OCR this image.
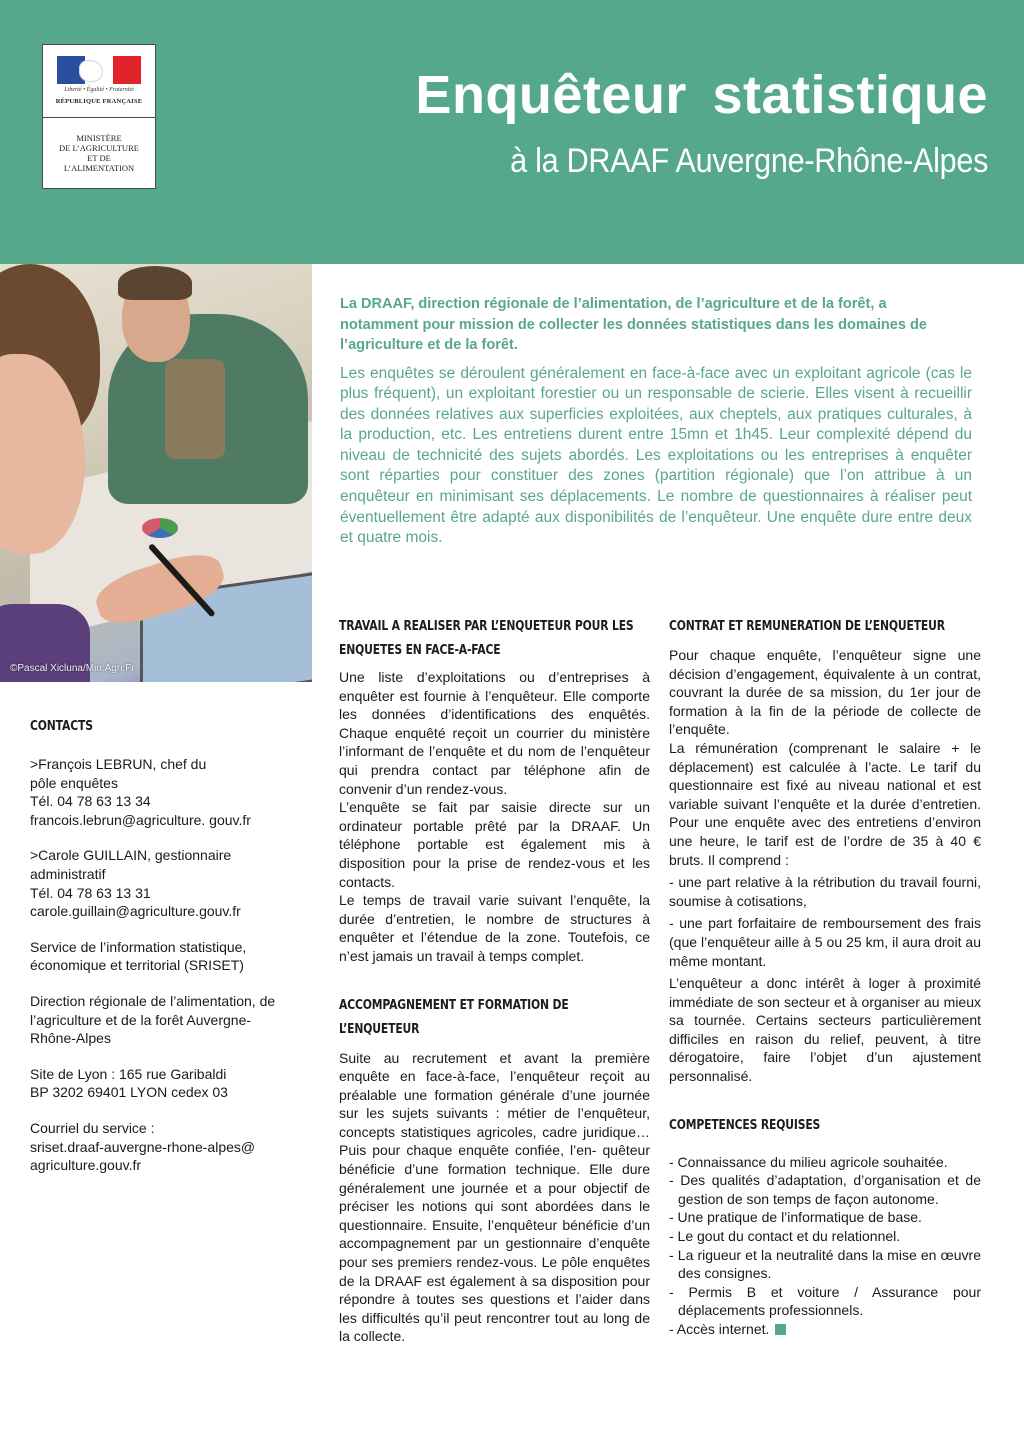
Liberté • Égalité • Fraternité
RÉPUBLIQUE FRANÇAISE
MINISTÈRE
DE L’AGRICULTURE
ET DE
L’ALIMENTATION
Enquêteur statistique
à la DRAAF Auvergne-Rhône-Alpes
©Pascal Xicluna/Min.Agri.Fr

La DRAAF, direction régionale de l’alimentation, de l’agriculture et de la forêt, a notamment pour mission de collecter les données statistiques dans les domaines de l’agriculture et de la forêt.

Les enquêtes se déroulent généralement en face-à-face avec un exploitant agricole (cas le plus fréquent), un exploitant forestier ou un responsable de scierie. Elles visent à recueillir des données relatives aux superficies exploitées, aux cheptels, aux pratiques culturales, à la production, etc. Les entretiens durent entre 15mn et 1h45. Leur complexité dépend du niveau de technicité des sujets abordés. Les exploitations ou les entreprises à enquêter sont réparties pour constituer des zones (partition régionale) que l’on attribue à un enquêteur en minimisant ses déplacements. Le nombre de questionnaires à réaliser peut éventuellement être adapté aux disponibilités de l’enquêteur. Une enquête dure entre deux et quatre mois.

CONTACTS
>François LEBRUN, chef du
pôle enquêtes
Tél. 04 78 63 13 34
francois.lebrun@agriculture. gouv.fr
>Carole GUILLAIN, gestionnaire
administratif
Tél. 04 78 63 13 31
carole.guillain@agriculture.gouv.fr
Service de l’information statistique, économique et territorial (SRISET)
Direction régionale de l’alimentation, de l’agriculture et de la forêt Auvergne-Rhône-Alpes
Site de Lyon : 165 rue Garibaldi
BP 3202 69401 LYON cedex 03
Courriel du service :
sriset.draaf-auvergne-rhone-alpes@
agriculture.gouv.fr
TRAVAIL A REALISER PAR L’ENQUETEUR POUR LES ENQUETES EN FACE-A-FACE

Une liste d’exploitations ou d’entreprises à enquêter est fournie à l’enquêteur. Elle comporte les données d’identifications des enquêtés. Chaque enquêté reçoit un courrier du ministère l’informant de l’enquête et du nom de l’enquêteur qui prendra contact par téléphone afin de convenir d’un rendez-vous.

L’enquête se fait par saisie directe sur un ordinateur portable prêté par la DRAAF. Un téléphone portable est également mis à disposition pour la prise de rendez-vous et les contacts.

Le temps de travail varie suivant l’enquête, la durée d’entretien, le nombre de structures à enquêter et l’étendue de la zone. Toutefois, ce n’est jamais un travail à temps complet.

ACCOMPAGNEMENT ET FORMATION DE L’ENQUETEUR

Suite au recrutement et avant la première enquête en face-à-face, l’enquêteur reçoit au préalable une formation générale d’une journée sur les sujets suivants : métier de l’enquêteur, concepts statistiques agricoles, cadre juridique… Puis pour chaque enquête confiée, l’en- quêteur bénéficie d’une formation technique. Elle dure généralement une journée et a pour objectif de préciser les notions qui sont abordées dans le questionnaire. Ensuite, l’enquêteur bénéficie d’un accompagnement par un gestionnaire d’enquête pour ses premiers rendez-vous. Le pôle enquêtes de la DRAAF est également à sa disposition pour répondre à toutes ses questions et l’aider dans les difficultés qu’il peut rencontrer tout au long de la collecte.

CONTRAT ET REMUNERATION DE L’ENQUETEUR

Pour chaque enquête, l’enquêteur signe une décision d’engagement, équivalente à un contrat, couvrant la durée de sa mission, du 1er jour de formation à la fin de la période de collecte de l’enquête.

La rémunération (comprenant le salaire + le déplacement) est calculée à l’acte. Le tarif du questionnaire est fixé au niveau national et est variable suivant l’enquête et la durée d’entretien. Pour une enquête avec des entretiens d’environ une heure, le tarif est de l’ordre de 35 à 40 € bruts. Il comprend :

- une part relative à la rétribution du travail fourni, soumise à cotisations,

- une part forfaitaire de remboursement des frais (que l’enquêteur aille à 5 ou 25 km, il aura droit au même montant.

L’enquêteur a donc intérêt à loger à proximité immédiate de son secteur et à organiser au mieux sa tournée. Certains secteurs particulièrement difficiles en raison du relief, peuvent, à titre dérogatoire, faire l’objet d’un ajustement personnalisé.

COMPETENCES REQUISES
- Connaissance du milieu agricole souhaitée.
- Des qualités d’adaptation, d’organisation et de gestion de son temps de façon autonome.
- Une pratique de l’informatique de base.
- Le gout du contact et du relationnel.
- La rigueur et la neutralité dans la mise en œuvre des consignes.
- Permis B et voiture / Assurance pour déplacements professionnels.
- Accès internet.
